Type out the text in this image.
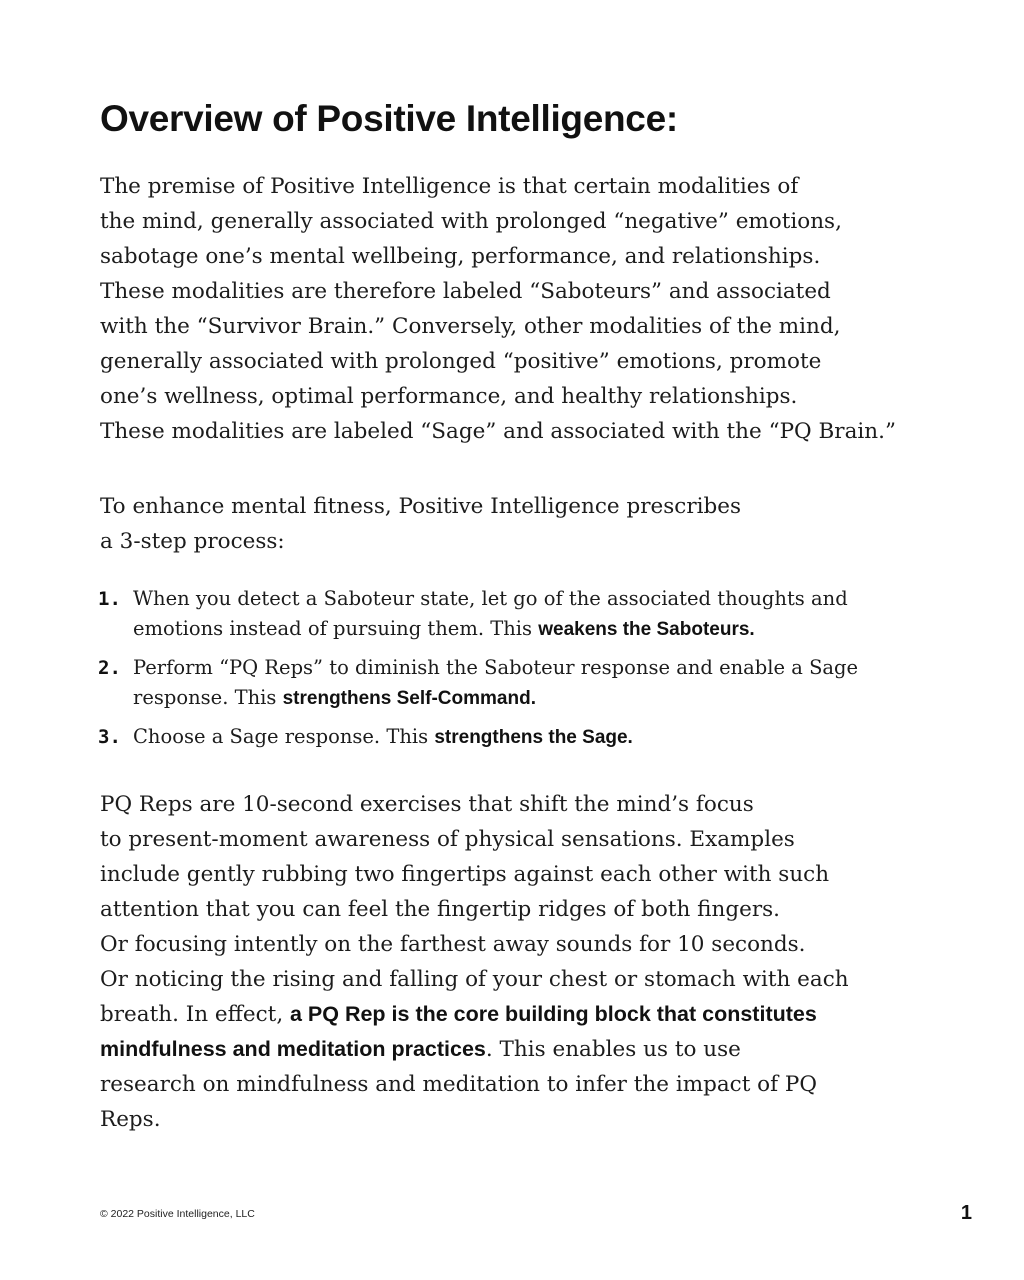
Overview of Positive Intelligence:

The premise of Positive Intelligence is that certain modalities of
the mind, generally associated with prolonged “negative” emotions,
sabotage one’s mental wellbeing, performance, and relationships.
These modalities are therefore labeled “Saboteurs” and associated
with the “Survivor Brain.” Conversely, other modalities of the mind,
generally associated with prolonged “positive” emotions, promote
one’s wellness, optimal performance, and healthy relationships.
These modalities are labeled “Sage” and associated with the “PQ Brain.”

To enhance mental fitness, Positive Intelligence prescribes
a 3-step process:

1. When you detect a Saboteur state, let go of the associated thoughts and
emotions instead of pursuing them. This weakens the Saboteurs.
2. Perform “PQ Reps” to diminish the Saboteur response and enable a Sage
response. This strengthens Self-Command.
3. Choose a Sage response. This strengthens the Sage.

PQ Reps are 10-second exercises that shift the mind’s focus
to present-moment awareness of physical sensations. Examples
include gently rubbing two fingertips against each other with such
attention that you can feel the fingertip ridges of both fingers.
Or focusing intently on the farthest away sounds for 10 seconds.
Or noticing the rising and falling of your chest or stomach with each
breath. In effect, a PQ Rep is the core building block that constitutes
mindfulness and meditation practices. This enables us to use
research on mindfulness and meditation to infer the impact of PQ
Reps.

© 2022 Positive Intelligence, LLC	1
